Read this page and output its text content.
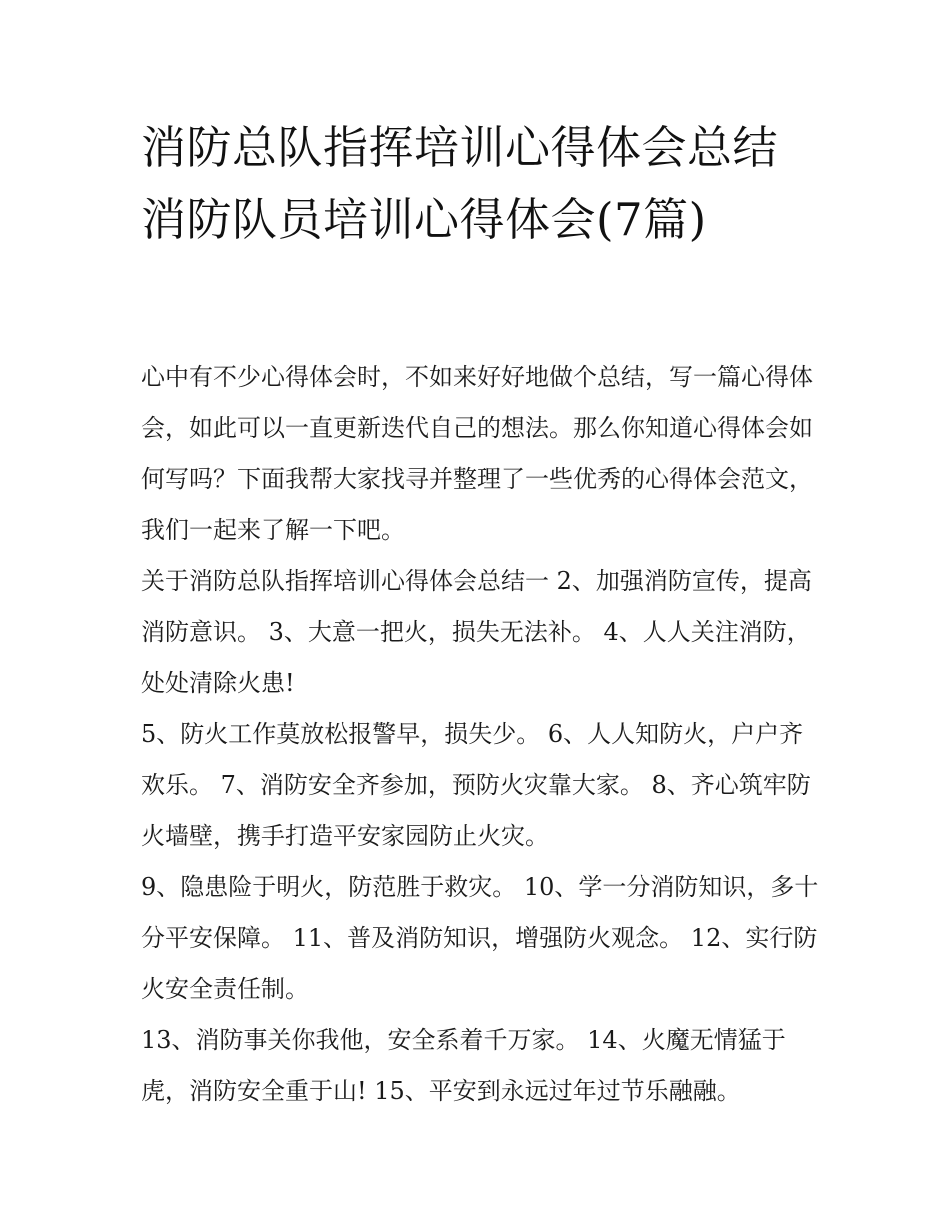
消防总队指挥培训心得体会总结 消防队员培训心得体会(7篇)

心中有不少心得体会时，不如来好好地做个总结，写一篇心得体会，如此可以一直更新迭代自己的想法。那么你知道心得体会如何写吗？下面我帮大家找寻并整理了一些优秀的心得体会范文，我们一起来了解一下吧。

关于消防总队指挥培训心得体会总结一 2、加强消防宣传，提高消防意识。 3、大意一把火，损失无法补。 4、人人关注消防，处处清除火患!

5、防火工作莫放松报警早，损失少。 6、人人知防火，户户齐欢乐。 7、消防安全齐参加，预防火灾靠大家。 8、齐心筑牢防火墙壁，携手打造平安家园防止火灾。

9、隐患险于明火，防范胜于救灾。 10、学一分消防知识，多十分平安保障。 11、普及消防知识，增强防火观念。 12、实行防火安全责任制。

13、消防事关你我他，安全系着千万家。 14、火魔无情猛于虎，消防安全重于山! 15、平安到永远过年过节乐融融。
